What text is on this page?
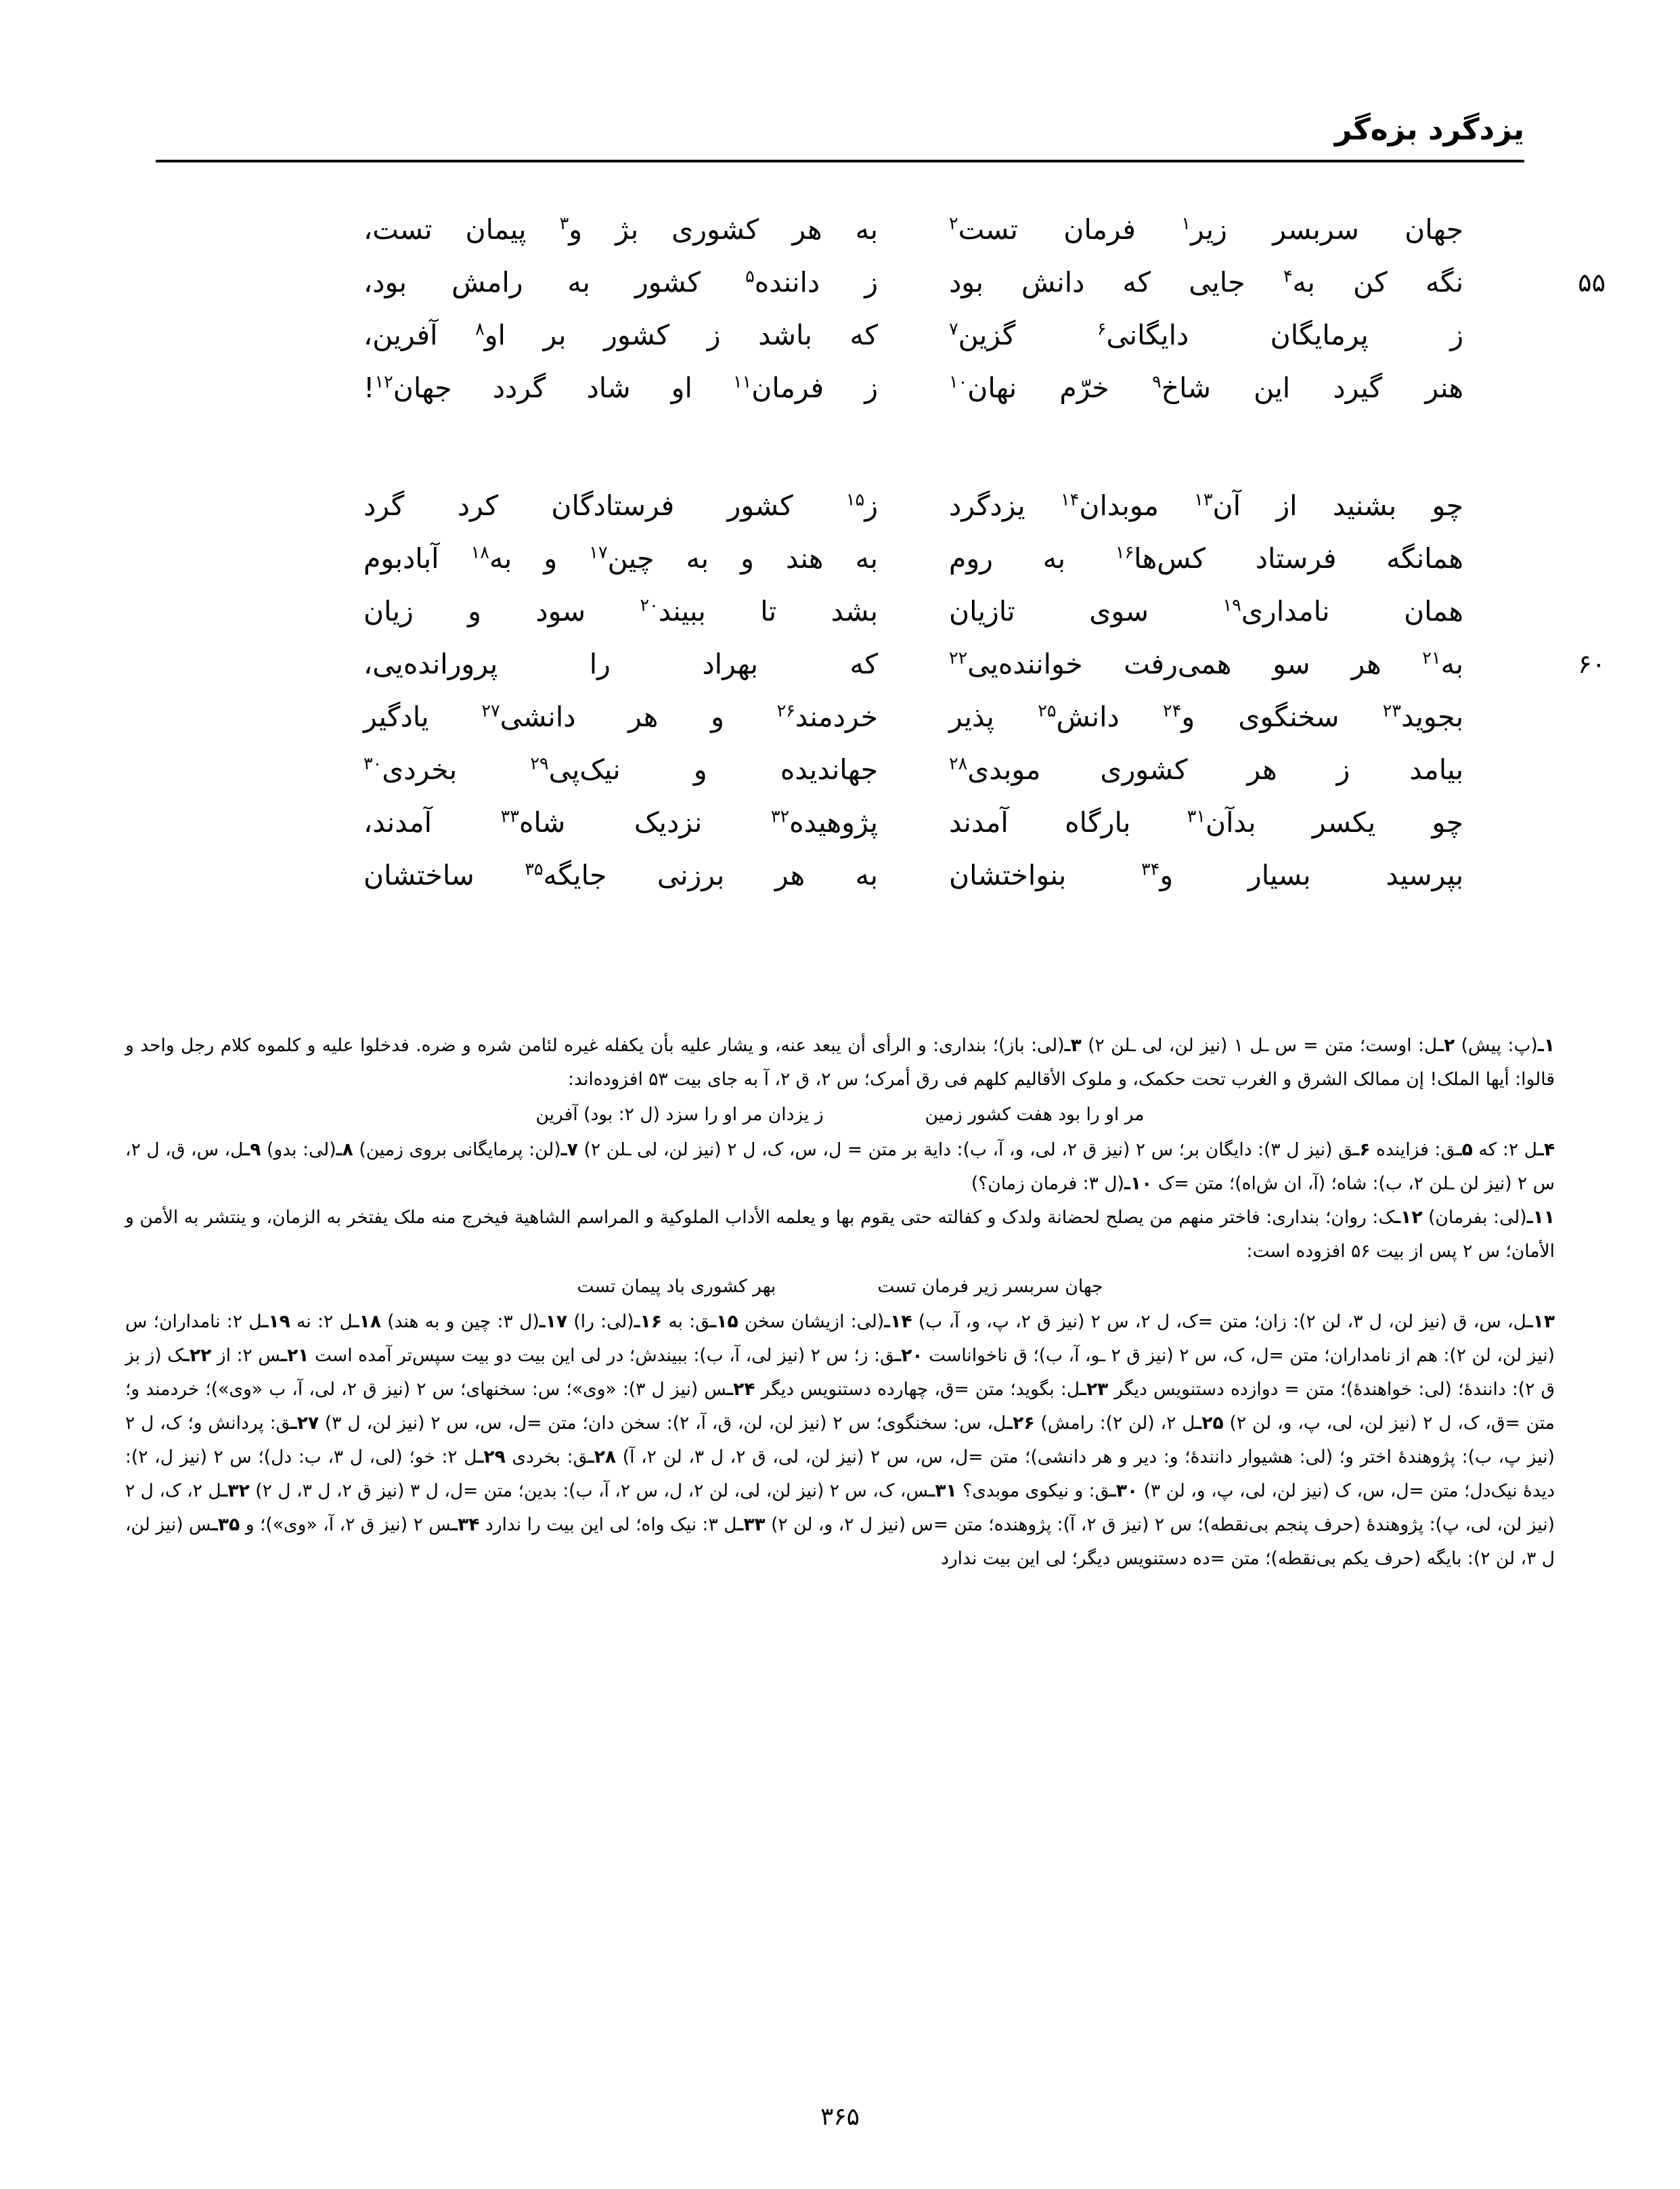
یزدگرد بزه‌گر
جهان سربسر زیر$^۱$ فرمان تست$^۲$
به هر کشوری بژ و$^۳$ پیمان تست،
۵۵
نگه کن به$^۴$ جایی که دانش بود
ز داننده$^۵$ کشور به رامش بود،
ز پرمایگان دایگانی$^۶$ گزین$^۷$
که باشد ز کشور بر او$^۸$ آفرین،
هنر گیرد این شاخ$^۹$ خرّم نهان$^{۱۰}$
ز فرمان$^{۱۱}$ او شاد گردد جهان$^{۱۲}$!
چو بشنید از آن$^{۱۳}$ موبدان$^{۱۴}$ یزدگرد
ز$^{۱۵}$ کشور فرستادگان کرد گرد
همانگه فرستاد کس‌ها$^{۱۶}$ به روم
به هند و به چین$^{۱۷}$ و به$^{۱۸}$ آبادبوم
همان نامداری$^{۱۹}$ سوی تازیان
بشد تا ببیند$^{۲۰}$ سود و زیان
۶۰
به$^{۲۱}$ هر سو همی‌رفت خواننده‌یی$^{۲۲}$
که بهراد را پرورانده‌یی،
بجوید$^{۲۳}$ سخنگوی و$^{۲۴}$ دانش$^{۲۵}$ پذیر
خردمند$^{۲۶}$ و هر دانشی$^{۲۷}$ یادگیر
بیامد ز هر کشوری موبدی$^{۲۸}$
جهاندیده و نیک‌پی$^{۲۹}$ بخردی$^{۳۰}$
چو یکسر بدآن$^{۳۱}$ بارگاه آمدند
پژوهیده$^{۳۲}$ نزدیک شاه$^{۳۳}$ آمدند،
بپرسید بسیار و$^{۳۴}$ بنواختشان
به هر برزنی جایگه$^{۳۵}$ ساختشان

۱ـ(پ: پیش) ۲ـل: اوست؛ متن = س ـل ۱ (نیز لن، لی ـلن ۲) ۳ـ(لی: باز)؛ بنداری: و الرأی أن یبعد عنه، و یشار علیه بأن یکفله غیره لئامن شره و ضره. فدخلوا علیه و کلموه کلام رجل واحد و قالوا: أیها الملک! إن ممالک الشرق و الغرب تحت حکمک، و ملوک الأقالیم کلهم فی رق أمرک؛ س ۲، ق ۲، آ به جای بیت ۵۳ افزوده‌اند:

مر او را بود هفت کشور زمین
ز یزدان مر او را سزد (ل ۲: بود) آفرین

۴ـل ۲: که ۵ـق: فزاینده ۶ـق (نیز ل ۳): دایگان بر؛ س ۲ (نیز ق ۲، لی، و، آ، ب): دایة بر متن = ل، س، ک، ل ۲ (نیز لن، لی ـلن ۲) ۷ـ(لن: پرمایگانی بروی زمین) ۸ـ(لی: بدو) ۹ـل، س، ق، ل ۲، س ۲ (نیز لن ـلن ۲، ب): شاه؛ (آ، ان ش‌اه)؛ متن =ک ۱۰ـ(ل ۳: فرمان زمان؟)

۱۱ـ(لی: بفرمان) ۱۲ـک: روان؛ بنداری: فاختر منهم من یصلح لحضانة ولدک و کفالته حتی یقوم بها و یعلمه الأداب الملوکیة و المراسم الشاهیة فیخرج منه ملک یفتخر به الزمان، و ینتشر به الأمن و الأمان؛ س ۲ پس از بیت ۵۶ افزوده است:

جهان سربسر زیر فرمان تست
بهر کشوری باد پیمان تست

۱۳ـل، س، ق (نیز لن، ل ۳، لن ۲): زان؛ متن =ک، ل ۲، س ۲ (نیز ق ۲، پ، و، آ، ب) ۱۴ـ(لی: ازیشان سخن ۱۵ـق: به ۱۶ـ(لی: را) ۱۷ـ(ل ۳: چین و به هند) ۱۸ـل ۲: نه ۱۹ـل ۲: نامداران؛ س (نیز لن، لن ۲): هم از نامداران؛ متن =ل، ک، س ۲ (نیز ق ۲ ـو، آ، ب)؛ ق ناخواناست ۲۰ـق: ز؛ س ۲ (نیز لی، آ، ب): ببیندش؛ در لی این بیت دو بیت سپس‌تر آمده است ۲۱ـس ۲: از ۲۲ـک (ز بز ق ۲): دانندهٔ؛ (لی: خواهندهٔ)؛ متن = دوازده دستنویس دیگر ۲۳ـل: بگوید؛ متن =ق، چهارده دستنویس دیگر ۲۴ـس (نیز ل ۳): «وی»؛ س: سخنهای؛ س ۲ (نیز ق ۲، لی، آ، ب «وی»)؛ خردمند و؛ متن =ق، ک، ل ۲ (نیز لن، لی، پ، و، لن ۲) ۲۵ـل ۲، (لن ۲): رامش) ۲۶ـل، س: سخنگوی؛ س ۲ (نیز لن، لن، ق، آ، ۲): سخن دان؛ متن =ل، س، س ۲ (نیز لن، ل ۳) ۲۷ـق: پردانش و؛ ک، ل ۲ (نیز پ، ب): پژوهندهٔ اختر و؛ (لی: هشیوار دانندهٔ؛ و: دیر و هر دانشی)؛ متن =ل، س، س ۲ (نیز لن، لی، ق ۲، ل ۳، لن ۲، آ) ۲۸ـق: بخردی ۲۹ـل ۲: خو؛ (لی، ل ۳، ب: دل)؛ س ۲ (نیز ل، ۲): دیدهٔ نیک‌دل؛ متن =ل، س، ک (نیز لن، لی، پ، و، لن ۳) ۳۰ـق: و نیکوی موبدی؟ ۳۱ـس، ک، س ۲ (نیز لن، لی، لن ۲، ل، س ۲، آ، ب): بدین؛ متن =ل، ل ۳ (نیز ق ۲، ل ۳، ل ۲) ۳۲ـل ۲، ک، ل ۲ (نیز لن، لی، پ): پژوهندهٔ (حرف پنجم بی‌نقطه)؛ س ۲ (نیز ق ۲، آ): پژوهنده؛ متن =س (نیز ل ۲، و، لن ۲) ۳۳ـل ۳: نیک واه؛ لی این بیت را ندارد ۳۴ـس ۲ (نیز ق ۲، آ، «وی»)؛ و ۳۵ـس (نیز لن، ل ۳، لن ۲): بایگه (حرف یکم بی‌نقطه)؛ متن =ده دستنویس دیگر؛ لی این بیت ندارد

۳۶۵
